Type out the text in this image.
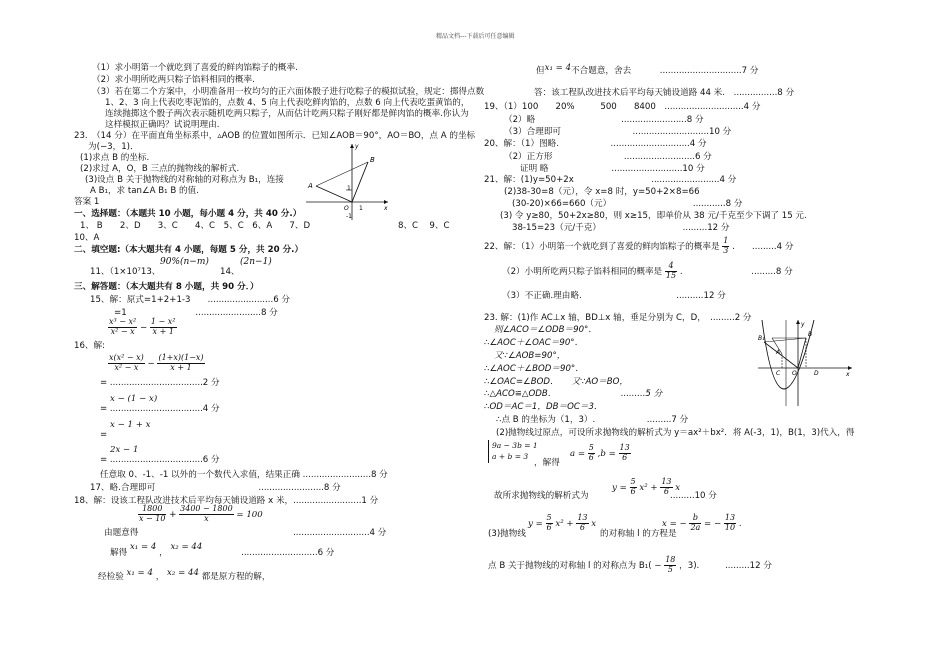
精品文档---下载后可任意编辑
（1）求小明第一个就吃到了喜爱的鲜肉馅粽子的概率.
（2）求小明所吃两只粽子馅料相同的概率.
（3）若在第二个方案中，小明准备用一枚均匀的正六面体骰子进行吃粽子的模拟试验，规定：掷得点数
1、2、3 向上代表吃枣泥馅的，点数 4、5 向上代表吃鲜肉馅的，点数 6 向上代表吃蛋黄馅的，
连续抛掷这个骰子两次表示随机吃两只粽子，从而估计吃两只粽子刚好都是鲜肉馅的概率.你认为
这样模拟正确吗？试说明理由.
23.　（14 分）在平面直角坐标系中，▵AOB 的位置如图所示．已知∠AOB＝90°，AO＝BO，点 A 的坐标
为(−3，1)．
(1)求点 B 的坐标.
(2)求过 A，O，B 三点的抛物线的解析式.
(3)设点 B 关于抛物线的对称轴的对称点为 B₁，连接
A B₁，求 tan∠A B₁ B 的值.	A
B
O
1
1
-1
x
y
答案 1
一、选择题：（本题共 10 小题，每小题 4 分，共 40 分.）
1、 B　　2、D　　3、C　　4、C　5、C　6、A　　7、D	8、C　 9、C
10、A
二、填空题:（本大题共有 4 小题，每题 5 分，共 20 分.）
11、（1×10⁷13、
90%(n−m)
14、
(2n−1)
三、解答题：（本大题共有 8 小题，共 90 分．）
15、解：原式=1+2+1-3　　........................6 分
=1　　　　　　　　........................8 分
$\frac{\text{x³ − x²}}{\text{x² − x}} - \frac{\text{1 − x²}}{x + 1}$
16、解:
$\frac{\text{x(x² − x)}}{\text{x² − x}} - \frac{(1+x)(1-x)}{x + 1}$
= ..................................2 分
x − (1 − x)
= ..................................4 分
x − 1 + x
=
2x − 1
= ..................................6 分
任意取 0、-1、-1 以外的一个数代入求值，结果正确 .........................8 分
17、略.合理即可　　　　　　　　　　　　........................8 分
18、解：设该工程队改进技术后平均每天铺设道路 x 米，.........................1 分
$\frac{1800}{x - 10} + \frac{3400 - 1800}{x} = 100$
由题意得　　　　　　　　　　　　　　　　　　............................4 分
解得 x₁ = 4 ， x₂ = 44 ............................6 分
经检验 x₁ = 4 ， x₂ = 44 都是原方程的解，
但x₁ = 4不合题意，舍去　　　 ..............................7 分
答：该工程队改进技术后平均每天铺设道路 44 米.　................8 分
19、（1）100　　20%　　　500　　8400　.............................4 分
（2）略　　　　　　　　　　........................8 分
（3）合理即可　　　　　　　　 ............................10 分
20、解：（1）图略.　　　　　　.............................4 分
（2）正方形　　　　　　　　 ..........................6 分
证明 略　　　　　　　 ..........................10 分
21、解：(1)y=50+2x　　　　　　　　　.........................4 分
(2)38-30=8（元），令 x=8 时，y=50+2×8=66
(30-20)×66=660（元）　　　　　　　　　　............8 分
(3) 令 y≥80，50+2x≥80，则 x≥15，即单价从 38 元/千克至少下调了 15 元.
38-15=23（元/千克）　　　　　　　　　　.........12 分
22、解：（1）小明第一个就吃到了喜爱的鲜肉馅粽子的概率是 $\frac{1}{3}$ .　　.........4 分
（2）小明所吃两只粽子馅料相同的概率是 $\frac{4}{15}$ .　　　　　　　　.........8 分
（3）不正确.理由略.　　　　　　　　　　　..........12 分
23. 解：(1)作 AC⊥x 轴，BD⊥x 轴，垂足分别为 C，D，　.........2 分
则∠ACO＝∠ODB＝90°．
∴∠AOC＋∠OAC＝90°．
又∵∠AOB=90°，
∴∠AOC＋∠BOD＝90°．
∴∠OAC=∠BOD．　　又∵AO＝BO，
∴△ACO≌△ODB．　　　　　　　　.........5 分
∴OD＝AC＝1，DB＝OC＝3．
∴点 B 的坐标为（1，3）.　　　　　　.........7 分
(2)抛物线过原点，可设所求抛物线的解析式为 y＝ax²＋bx²．将 A(-3，1)，B(1，3)代入，得
9a − 3b = 1
a + b = 3
，解得
$a = \frac{5}{6} ,b = \frac{13}{6}$
故所求抛物线的解析式为
$y = \frac{5}{6} x^2 + \frac{13}{6}$ x
.........10 分
(3)抛物线
$y = \frac{5}{6} x^2 + \frac{13}{6}$ x
的对称轴 l 的方程是
x = − $\frac{b}{2a}$ = − $\frac{13}{10}$ .
点 B 关于抛物线的对称轴 l 的对称点为 $B_1( - \frac{18}{5}$ ，3).　　　.........12 分
B₁
B
A
C	D
O	x
y
